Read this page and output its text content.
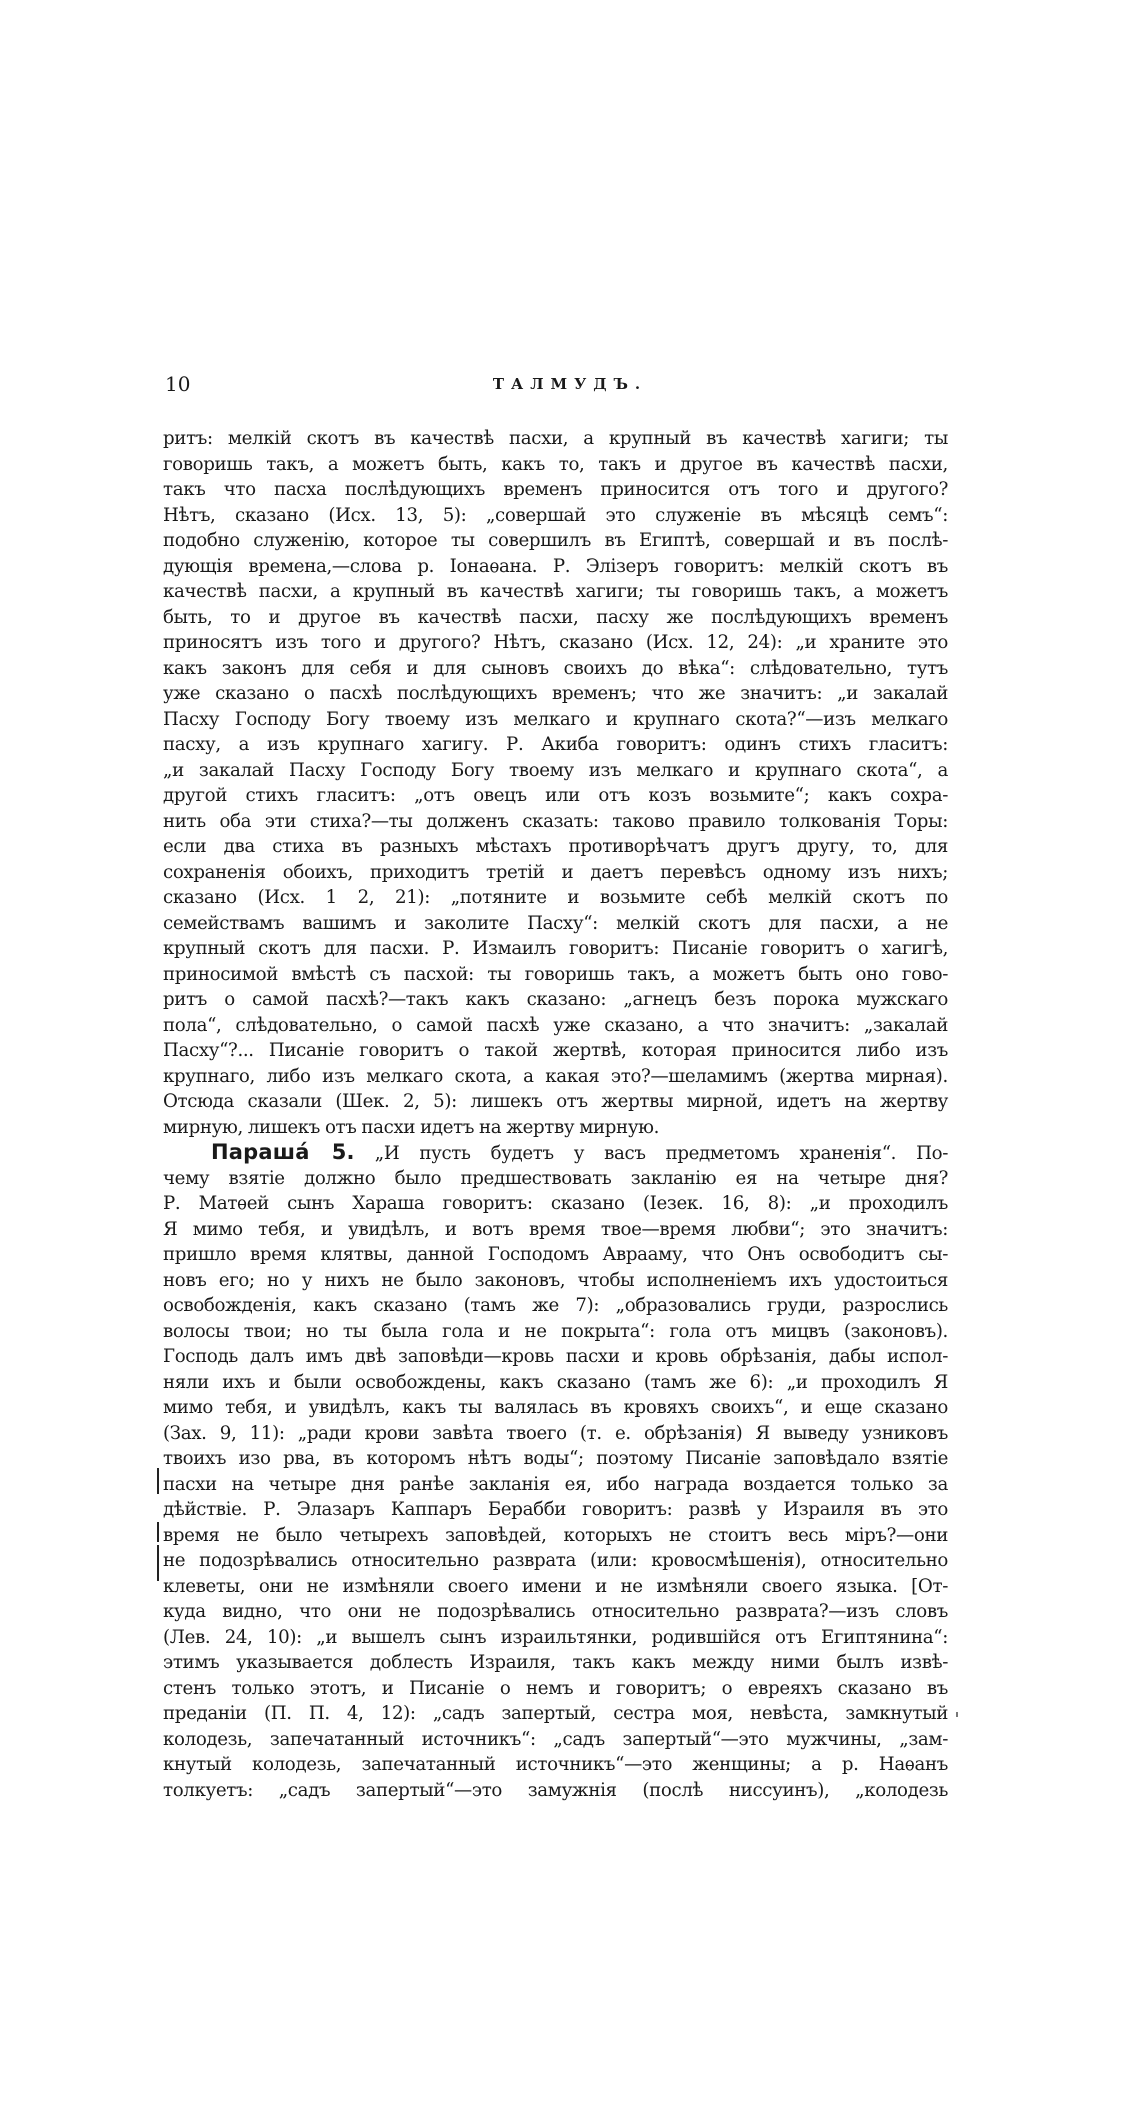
10	ТАЛМУДЪ.
ритъ: мелкій скотъ въ качествѣ пасхи, а крупный въ качествѣ хагиги; ты
говоришь такъ, а можетъ быть, какъ то, такъ и другое въ качествѣ пасхи,
такъ что пасха послѣдующихъ временъ приносится отъ того и другого?
Нѣтъ, сказано (Исх. 13, 5): „совершай это служеніе въ мѣсяцѣ семъ“:
подобно служенію, которое ты совершилъ въ Египтѣ, совершай и въ послѣ-
дующія времена,—слова р. Іонаѳана. Р. Элізеръ говоритъ: мелкій скотъ въ
качествѣ пасхи, а крупный въ качествѣ хагиги; ты говоришь такъ, а можетъ
быть, то и другое въ качествѣ пасхи, пасху же послѣдующихъ временъ
приносятъ изъ того и другого? Нѣтъ, сказано (Исх. 12, 24): „и храните это
какъ законъ для себя и для сыновъ своихъ до вѣка“: слѣдовательно, тутъ
уже сказано о пасхѣ послѣдующихъ временъ; что же значитъ: „и закалай
Пасху Господу Богу твоему изъ мелкаго и крупнаго скота?“—изъ мелкаго
пасху, а изъ крупнаго хагигу. Р. Акиба говоритъ: одинъ стихъ гласитъ:
„и закалай Пасху Господу Богу твоему изъ мелкаго и крупнаго скота“, а
другой стихъ гласитъ: „отъ овецъ или отъ козъ возьмите“; какъ сохра-
нить оба эти стиха?—ты долженъ сказать: таково правило толкованія Торы:
если два стиха въ разныхъ мѣстахъ противорѣчатъ другъ другу, то, для
сохраненія обоихъ, приходитъ третій и даетъ перевѣсъ одному изъ нихъ;
сказано (Исх. 1 2, 21): „потяните и возьмите себѣ мелкій скотъ по
семействамъ вашимъ и заколите Пасху“: мелкій скотъ для пасхи, а не
крупный скотъ для пасхи. Р. Измаилъ говоритъ: Писаніе говоритъ о хагигѣ,
приносимой вмѣстѣ съ пасхой: ты говоришь такъ, а можетъ быть оно гово-
ритъ о самой пасхѣ?—такъ какъ сказано: „агнецъ безъ порока мужскаго
пола“, слѣдовательно, о самой пасхѣ уже сказано, а что значитъ: „закалай
Пасху“?... Писаніе говоритъ о такой жертвѣ, которая приносится либо изъ
крупнаго, либо изъ мелкаго скота, а какая это?—шеламимъ (жертва мирная).
Отсюда сказали (Шек. 2, 5): лишекъ отъ жертвы мирной, идетъ на жертву
мирную, лишекъ отъ пасхи идетъ на жертву мирную.
Парашá 5. „И пусть будетъ у васъ предметомъ храненія“. По-
чему взятіе должно было предшествовать закланію ея на четыре дня?
Р. Матѳей сынъ Хараша говоритъ: сказано (Іезек. 16, 8): „и проходилъ
Я мимо тебя, и увидѣлъ, и вотъ время твое—время любви“; это значитъ:
пришло время клятвы, данной Господомъ Аврааму, что Онъ освободитъ сы-
новъ его; но у нихъ не было законовъ, чтобы исполненіемъ ихъ удостоиться
освобожденія, какъ сказано (тамъ же 7): „образовались груди, разрослись
волосы твои; но ты была гола и не покрыта“: гола отъ мицвъ (законовъ).
Господь далъ имъ двѣ заповѣди—кровь пасхи и кровь обрѣзанія, дабы испол-
няли ихъ и были освобождены, какъ сказано (тамъ же 6): „и проходилъ Я
мимо тебя, и увидѣлъ, какъ ты валялась въ кровяхъ своихъ“, и еще сказано
(Зах. 9, 11): „ради крови завѣта твоего (т. е. обрѣзанія) Я выведу узниковъ
твоихъ изо рва, въ которомъ нѣтъ воды“; поэтому Писаніе заповѣдало взятіе
пасхи на четыре дня ранѣе закланія ея, ибо награда воздается только за
дѣйствіе. Р. Элазаръ Каппаръ Берабби говоритъ: развѣ у Израиля въ это
время не было четырехъ заповѣдей, которыхъ не стоитъ весь міръ?—они
не подозрѣвались относительно разврата (или: кровосмѣшенія), относительно
клеветы, они не измѣняли своего имени и не измѣняли своего языка. [От-
куда видно, что они не подозрѣвались относительно разврата?—изъ словъ
(Лев. 24, 10): „и вышелъ сынъ израильтянки, родившійся отъ Египтянина“:
этимъ указывается доблесть Израиля, такъ какъ между ними былъ извѣ-
стенъ только этотъ, и Писаніе о немъ и говоритъ; о евреяхъ сказано въ
преданіи (П. П. 4, 12): „садъ запертый, сестра моя, невѣста, замкнутый
колодезь, запечатанный источникъ“: „садъ запертый“—это мужчины, „зам-
кнутый колодезь, запечатанный источникъ“—это женщины; а р. Наѳанъ
толкуетъ: „садъ запертый“—это замужнія (послѣ ниссуинъ), „колодезь
